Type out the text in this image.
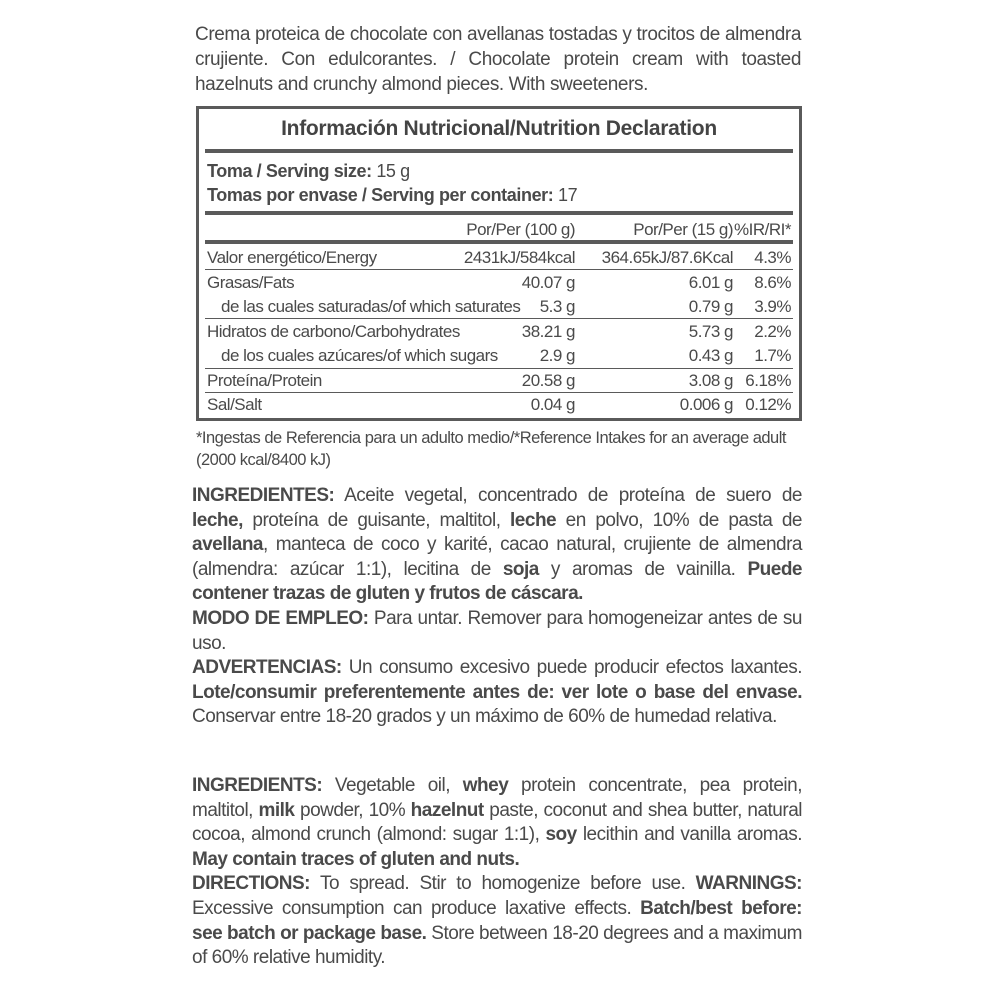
Crema proteica de chocolate con avellanas tostadas y trocitos de almendra crujiente. Con edulcorantes. / Chocolate protein cream with toasted hazelnuts and crunchy almond pieces. With sweeteners.
Información Nutricional/Nutrition Declaration
Toma / Serving size: 15 g
Tomas por envase / Serving per container: 17
Por/Per (100 g)	Por/Per (15 g) %IR/RI*
Valor energético/Energy	2431kJ/584kcal 364.65kJ/87.6Kcal 4.3%
Grasas/Fats	40.07 g	6.01 g 8.6%
de las cuales saturadas/of which saturates 5.3 g	0.79 g 3.9%
Hidratos de carbono/Carbohydrates	38.21 g	5.73 g 2.2%
de los cuales azúcares/of which sugars 2.9 g	0.43 g 1.7%
Proteína/Protein	20.58 g	3.08 g 6.18%
Sal/Salt	0.04 g	0.006 g 0.12%
*Ingestas de Referencia para un adulto medio/*Reference Intakes for an average adult (2000 kcal/8400 kJ)

INGREDIENTES: Aceite vegetal, concentrado de proteína de suero de leche, proteína de guisante, maltitol, leche en polvo, 10% de pasta de avellana, manteca de coco y karité, cacao natural, crujiente de almendra (almendra: azúcar 1:1), lecitina de soja y aromas de vainilla. Puede contener trazas de gluten y frutos de cáscara.

MODO DE EMPLEO: Para untar. Remover para homogeneizar antes de su uso.

ADVERTENCIAS: Un consumo excesivo puede producir efectos laxantes. Lote/consumir preferentemente antes de: ver lote o base del envase. Conservar entre 18-20 grados y un máximo de 60% de humedad relativa.

INGREDIENTS: Vegetable oil, whey protein concentrate, pea protein, maltitol, milk powder, 10% hazelnut paste, coconut and shea butter, natural cocoa, almond crunch (almond: sugar 1:1), soy lecithin and vanilla aromas. May contain traces of gluten and nuts.

DIRECTIONS: To spread. Stir to homogenize before use. WARNINGS: Excessive consumption can produce laxative effects. Batch/best before: see batch or package base. Store between 18-20 degrees and a maximum of 60% relative humidity.
